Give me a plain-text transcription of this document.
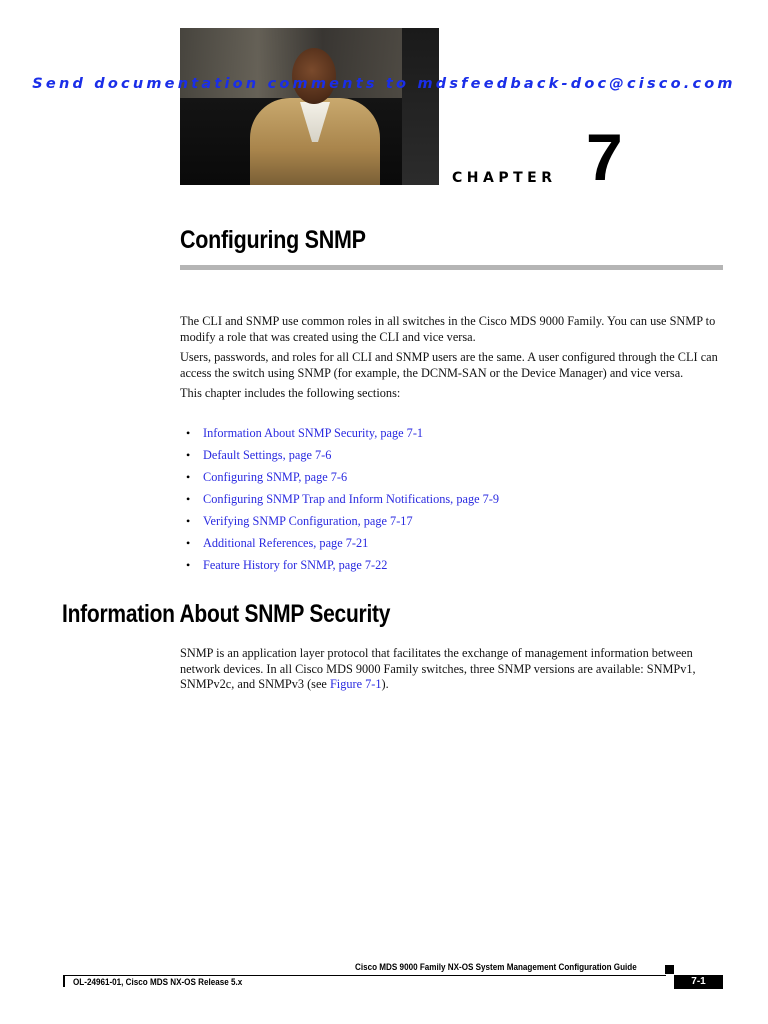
Send documentation comments to mdsfeedback-doc@cisco.com
CHAPTER 7
Configuring SNMP

The CLI and SNMP use common roles in all switches in the Cisco MDS 9000 Family. You can use SNMP to modify a role that was created using the CLI and vice versa.

Users, passwords, and roles for all CLI and SNMP users are the same. A user configured through the CLI can access the switch using SNMP (for example, the DCNM-SAN or the Device Manager) and vice versa.

This chapter includes the following sections:

• Information About SNMP Security, page 7-1
• Default Settings, page 7-6
• Configuring SNMP, page 7-6
• Configuring SNMP Trap and Inform Notifications, page 7-9
• Verifying SNMP Configuration, page 7-17
• Additional References, page 7-21
• Feature History for SNMP, page 7-22
Information About SNMP Security

SNMP is an application layer protocol that facilitates the exchange of management information between network devices. In all Cisco MDS 9000 Family switches, three SNMP versions are available: SNMPv1, SNMPv2c, and SNMPv3 (see Figure 7-1).

Cisco MDS 9000 Family NX-OS System Management Configuration Guide
OL-24961-01, Cisco MDS NX-OS Release 5.x	7-1
